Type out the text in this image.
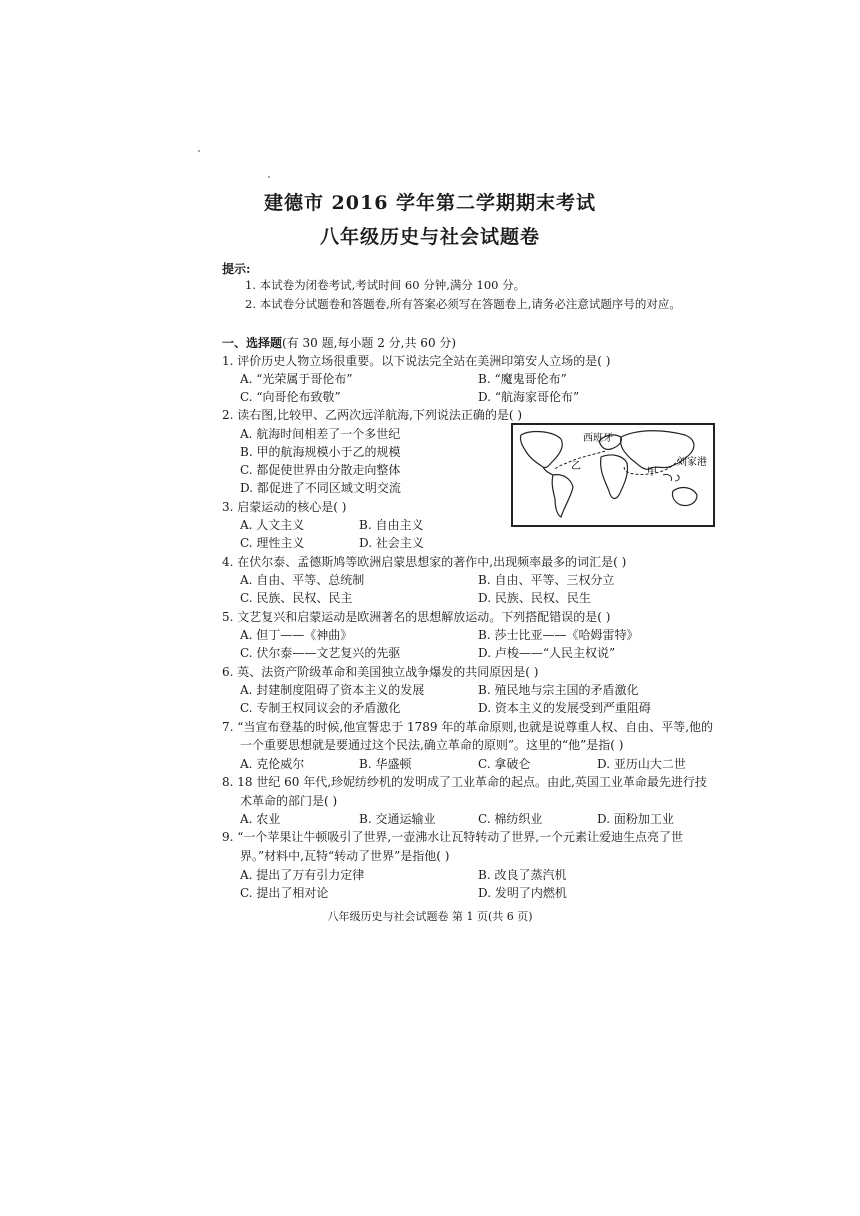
建德市 2016 学年第二学期期末考试
八年级历史与社会试题卷
提示:
1. 本试卷为闭卷考试,考试时间 60 分钟,满分 100 分。
2. 本试卷分试题卷和答题卷,所有答案必须写在答题卷上,请务必注意试题序号的对应。
一、选择题(有 30 题,每小题 2 分,共 60 分)
1. 评价历史人物立场很重要。以下说法完全站在美洲印第安人立场的是( )
A. “光荣属于哥伦布”	B. “魔鬼哥伦布”
C. “向哥伦布致敬”	D. “航海家哥伦布”
2. 读右图,比较甲、乙两次远洋航海,下列说法正确的是( )
A. 航海时间相差了一个多世纪
B. 甲的航海规模小于乙的规模
C. 都促使世界由分散走向整体
D. 都促进了不同区域文明交流
西班牙
刘家港
乙
甲
3. 启蒙运动的核心是( )
A. 人文主义	B. 自由主义
C. 理性主义	D. 社会主义
4. 在伏尔泰、孟德斯鸠等欧洲启蒙思想家的著作中,出现频率最多的词汇是( )
A. 自由、平等、总统制	B. 自由、平等、三权分立
C. 民族、民权、民主	D. 民族、民权、民生
5. 文艺复兴和启蒙运动是欧洲著名的思想解放运动。下列搭配错误的是( )
A. 但丁——《神曲》	B. 莎士比亚——《哈姆雷特》
C. 伏尔泰——文艺复兴的先驱	D. 卢梭——“人民主权说”
6. 英、法资产阶级革命和美国独立战争爆发的共同原因是( )
A. 封建制度阻碍了资本主义的发展	B. 殖民地与宗主国的矛盾激化
C. 专制王权同议会的矛盾激化	D. 资本主义的发展受到严重阻碍
7. “当宣布登基的时候,他宣誓忠于 1789 年的革命原则,也就是说尊重人权、自由、平等,他的
一个重要思想就是要通过这个民法,确立革命的原则”。这里的“他”是指( )
A. 克伦威尔	B. 华盛顿	C. 拿破仑	D. 亚历山大二世
8. 18 世纪 60 年代,珍妮纺纱机的发明成了工业革命的起点。由此,英国工业革命最先进行技
术革命的部门是( )
A. 农业	B. 交通运输业	C. 棉纺织业	D. 面粉加工业
9. “一个苹果让牛顿吸引了世界,一壶沸水让瓦特转动了世界,一个元素让爱迪生点亮了世
界。”材料中,瓦特“转动了世界”是指他( )
A. 提出了万有引力定律	B. 改良了蒸汽机
C. 提出了相对论	D. 发明了内燃机
八年级历史与社会试题卷 第 1 页(共 6 页)
